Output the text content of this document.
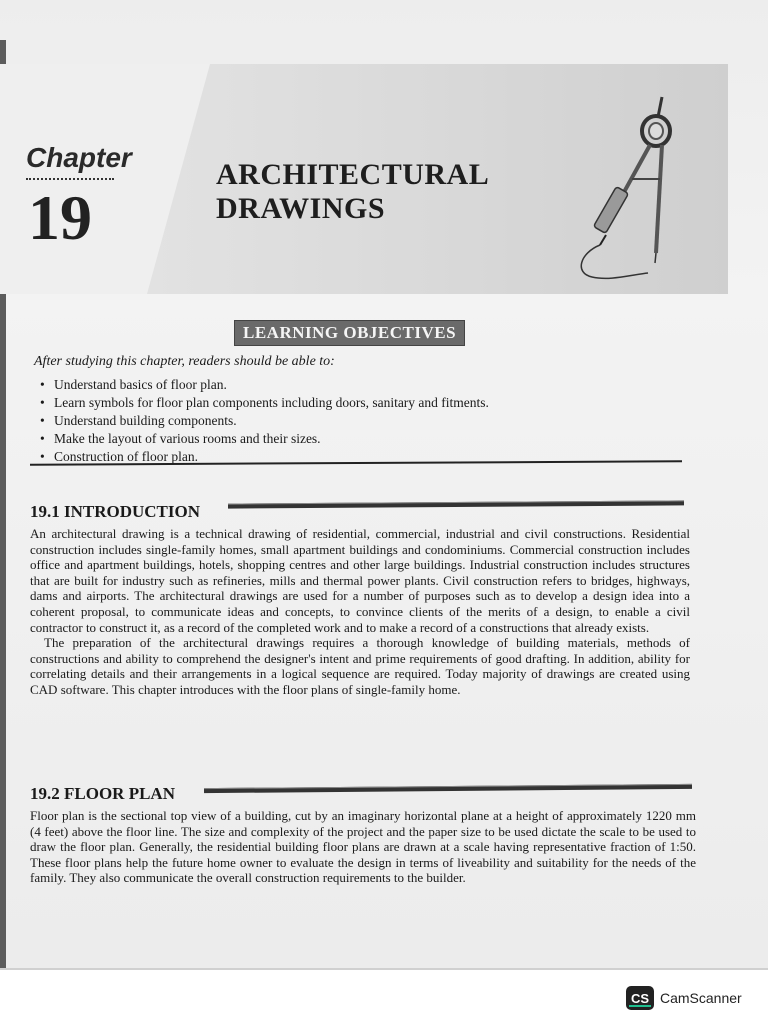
Chapter
19
ARCHITECTURAL
DRAWINGS
LEARNING OBJECTIVES
After studying this chapter, readers should be able to:
• Understand basics of floor plan.
• Learn symbols for floor plan components including doors, sanitary and fitments.
• Understand building components.
• Make the layout of various rooms and their sizes.
• Construction of floor plan.
19.1 INTRODUCTION

An architectural drawing is a technical drawing of residential, commercial, industrial and civil constructions. Residential construction includes single-family homes, small apartment buildings and condominiums. Commercial construction includes office and apartment buildings, hotels, shopping centres and other large buildings. Industrial construction includes structures that are built for industry such as refineries, mills and thermal power plants. Civil construction refers to bridges, highways, dams and airports. The architectural drawings are used for a number of purposes such as to develop a design idea into a coherent proposal, to communicate ideas and concepts, to convince clients of the merits of a design, to enable a civil contractor to construct it, as a record of the completed work and to make a record of a constructions that already exists.

The preparation of the architectural drawings requires a thorough knowledge of building materials, methods of constructions and ability to comprehend the designer's intent and prime requirements of good drafting. In addition, ability for correlating details and their arrangements in a logical sequence are required. Today majority of drawings are created using CAD software. This chapter introduces with the floor plans of single-family home.

19.2 FLOOR PLAN

Floor plan is the sectional top view of a building, cut by an imaginary horizontal plane at a height of approximately 1220 mm (4 feet) above the floor line. The size and complexity of the project and the paper size to be used dictate the scale to be used to draw the floor plan. Generally, the residential building floor plans are drawn at a scale having representative fraction of 1:50. These floor plans help the future home owner to evaluate the design in terms of liveability and suitability for the needs of the family. They also communicate the overall construction requirements to the builder.

CS CamScanner
